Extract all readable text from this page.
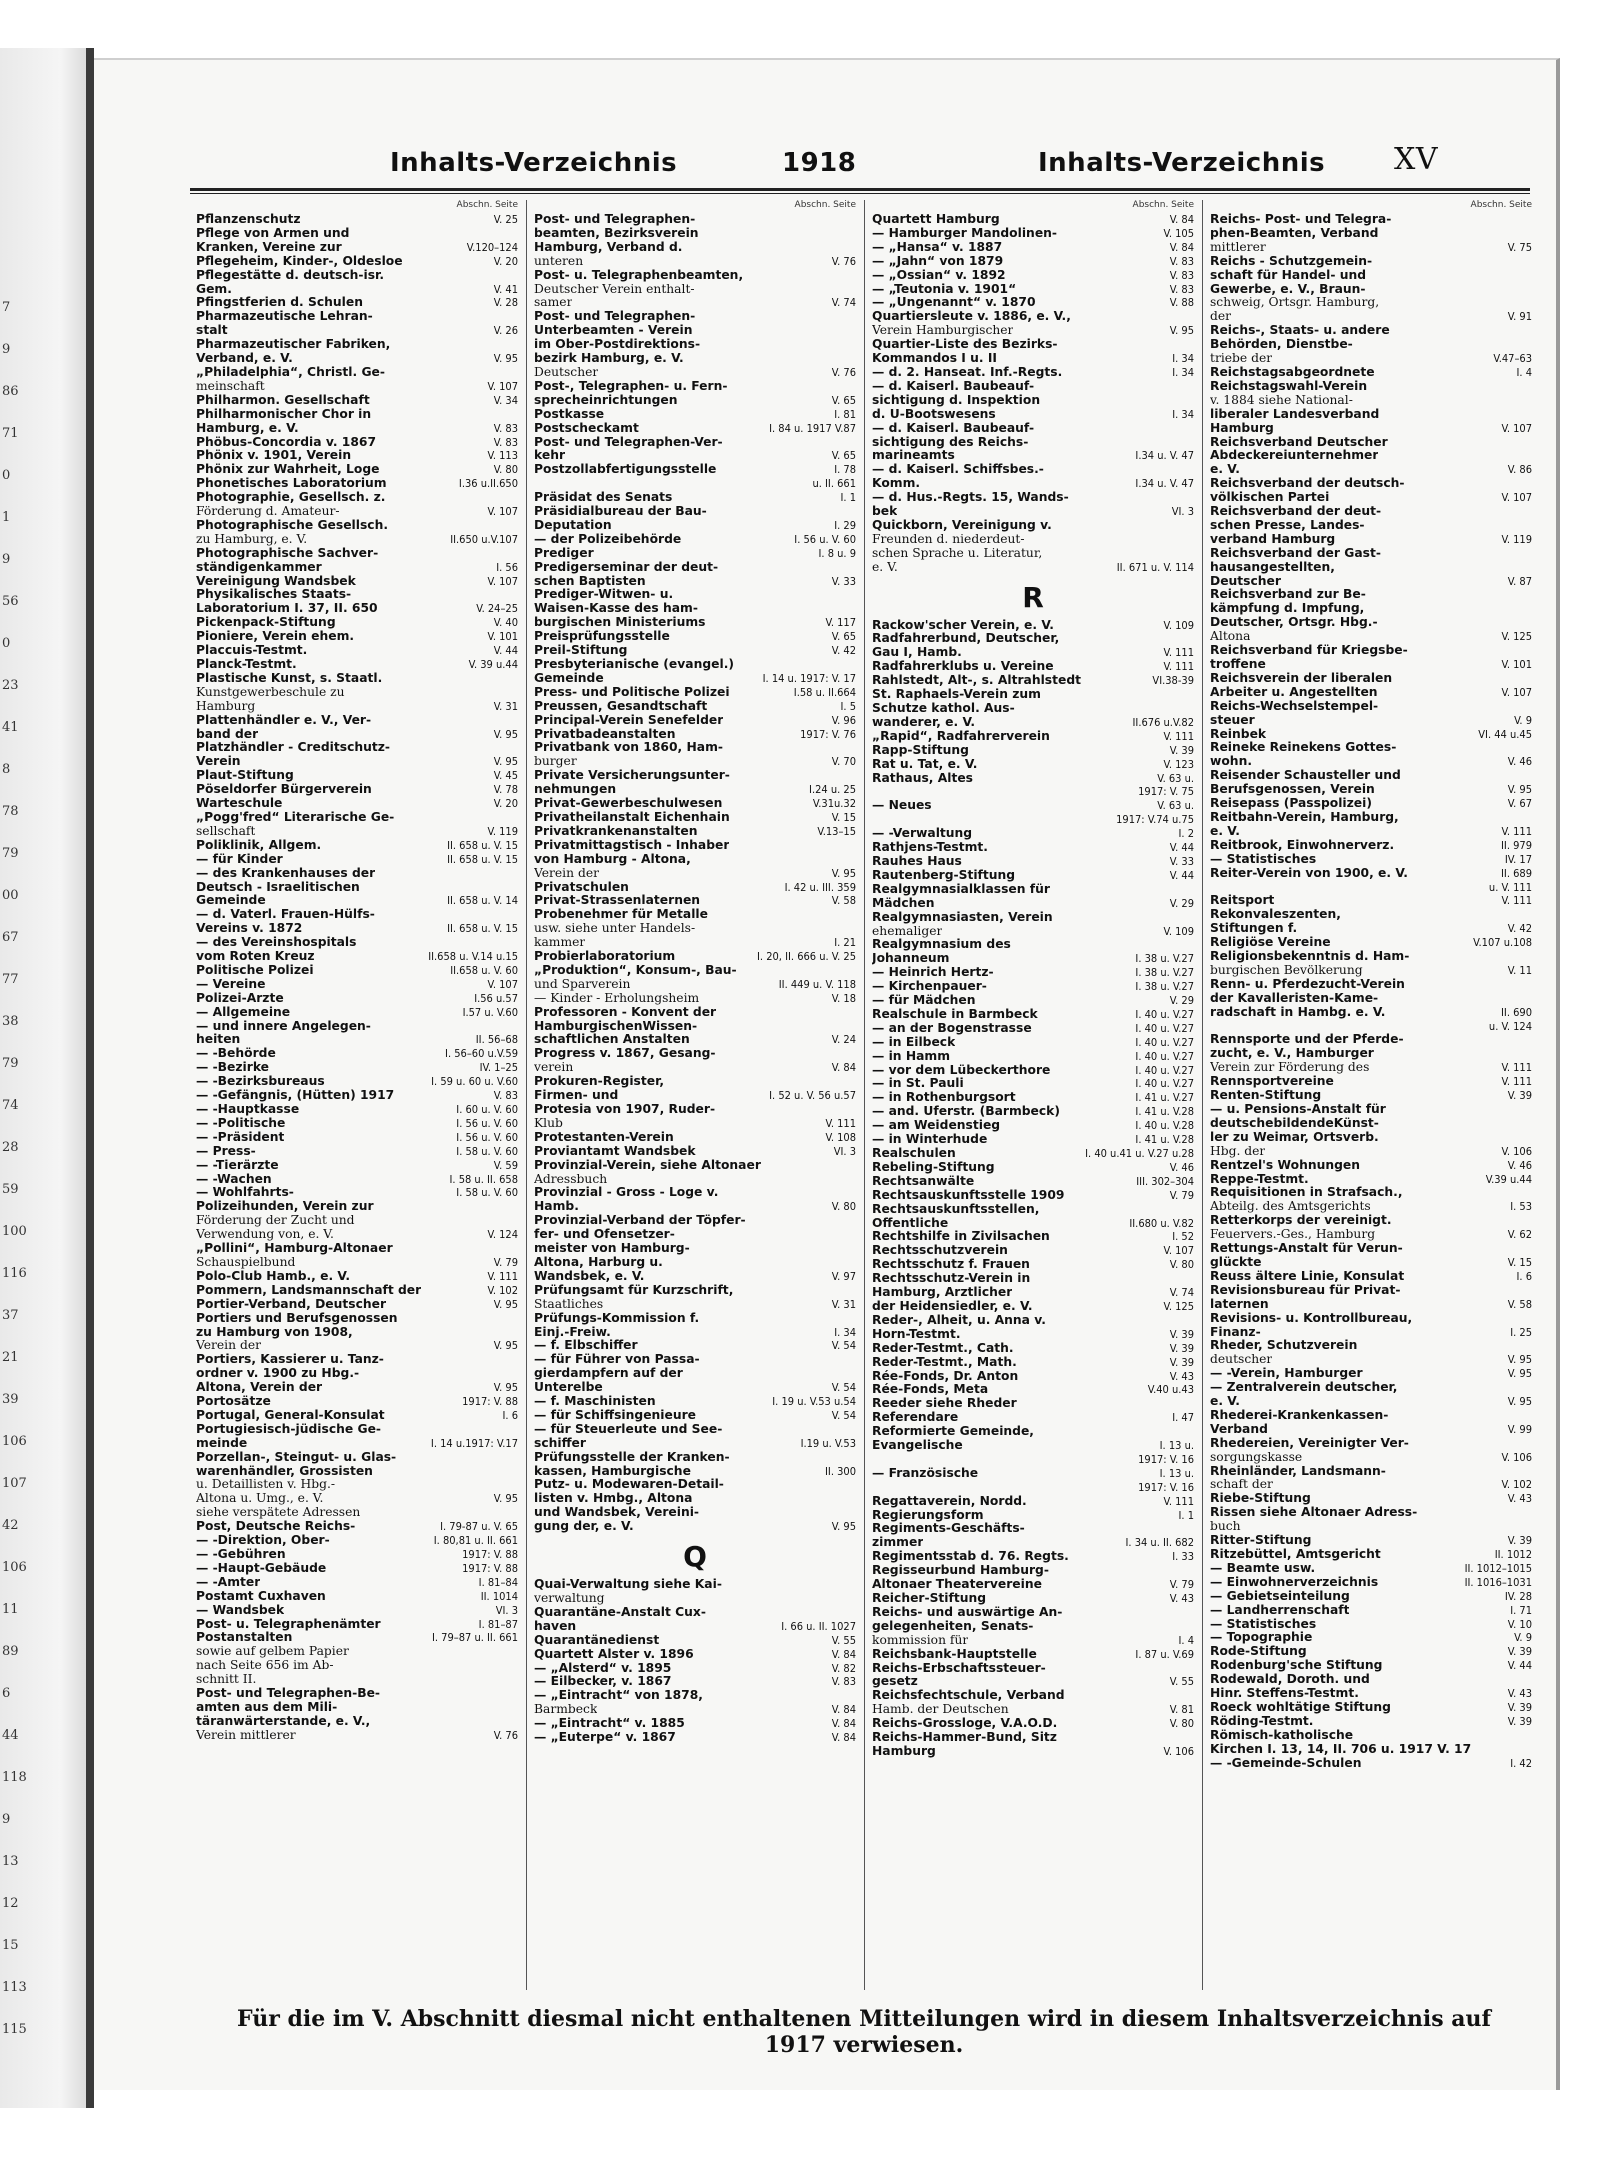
7
9
86
71
0
1
9
56
0
23
41
8
78
79
00
67
77
38
79
74
28
59
100
116
37
21
39
106
107
42
106
11
89
6
44
118
9
13
12
15
113
115
Inhalts-Verzeichnis	1918	Inhalts-Verzeichnis XV
Abschn. Seite
Pflanzenschutz	V. 25
Pflege von Armen und
Kranken, Vereine zur	V.120–124
Pflegeheim, Kinder-, Oldesloe	V. 20
Pflegestätte d. deutsch-isr.
Gem.	V. 41
Pfingstferien d. Schulen	V. 28
Pharmazeutische Lehran-
stalt	V. 26
Pharmazeutischer Fabriken,
Verband, e. V.	V. 95
„Philadelphia“, Christl. Ge-
meinschaft	V. 107
Philharmon. Gesellschaft	V. 34
Philharmonischer Chor in
Hamburg, e. V.	V. 83
Phöbus-Concordia v. 1867	V. 83
Phönix v. 1901, Verein	V. 113
Phönix zur Wahrheit, Loge	V. 80
Phonetisches Laboratorium	I.36 u.II.650
Photographie, Gesellsch. z.
Förderung d. Amateur-	V. 107
Photographische Gesellsch.
zu Hamburg, e. V.	II.650 u.V.107
Photographische Sachver-
ständigenkammer	I. 56
Vereinigung Wandsbek	V. 107
Physikalisches Staats-
Laboratorium I. 37, II. 650	V. 24–25
Pickenpack-Stiftung	V. 40
Pioniere, Verein ehem.	V. 101
Placcuis-Testmt.	V. 44
Planck-Testmt.	V. 39 u.44
Plastische Kunst, s. Staatl.
Kunstgewerbeschule zu
Hamburg	V. 31
Plattenhändler e. V., Ver-
band der	V. 95
Platzhändler - Creditschutz-
Verein	V. 95
Plaut-Stiftung	V. 45
Pöseldorfer Bürgerverein	V. 78
Warteschule	V. 20
„Pogg'fred“ Literarische Ge-
sellschaft	V. 119
Poliklinik, Allgem.	II. 658 u. V. 15
— für Kinder	II. 658 u. V. 15
— des Krankenhauses der
Deutsch - Israelitischen
Gemeinde	II. 658 u. V. 14
— d. Vaterl. Frauen-Hülfs-
Vereins v. 1872	II. 658 u. V. 15
— des Vereinshospitals
vom Roten Kreuz	II.658 u. V.14 u.15
Politische Polizei	II.658 u. V. 60
— Vereine	V. 107
Polizei-Ärzte	I.56 u.57
— Allgemeine	I.57 u. V.60
— und innere Angelegen-
heiten	II. 56–68
— -Behörde	I. 56–60 u.V.59
— -Bezirke	IV. 1–25
— -Bezirksbureaus	I. 59 u. 60 u. V.60
— -Gefängnis, (Hütten) 1917	V. 83
— -Hauptkasse	I. 60 u. V. 60
— -Politische	I. 56 u. V. 60
— -Präsident	I. 56 u. V. 60
— Press-	I. 58 u. V. 60
— -Tierärzte	V. 59
— -Wachen	I. 58 u. II. 658
— Wohlfahrts-	I. 58 u. V. 60
Polizeihunden, Verein zur
Förderung der Zucht und
Verwendung von, e. V.	V. 124
„Pollini“, Hamburg-Altonaer
Schauspielbund	V. 79
Polo-Club Hamb., e. V.	V. 111
Pommern, Landsmannschaft der	V. 102
Portier-Verband, Deutscher	V. 95
Portiers und Berufsgenossen
zu Hamburg von 1908,
Verein der	V. 95
Portiers, Kassierer u. Tanz-
ordner v. 1900 zu Hbg.-
Altona, Verein der	V. 95
Portosätze	1917: V. 88
Portugal, General-Konsulat	I. 6
Portugiesisch-jüdische Ge-
meinde	I. 14 u.1917: V.17
Porzellan-, Steingut- u. Glas-
warenhändler, Grossisten
u. Detaillisten v. Hbg.-
Altona u. Umg., e. V.	V. 95
siehe verspätete Adressen
Post, Deutsche Reichs-	I. 79-87 u. V. 65
— -Direktion, Ober-	I. 80,81 u. II. 661
— -Gebühren	1917: V. 88
— -Haupt-Gebäude	1917: V. 88
— -Ämter	I. 81–84
Postamt Cuxhaven	II. 1014
— Wandsbek	VI. 3
Post- u. Telegraphenämter	I. 81–87
Postanstalten	I. 79–87 u. II. 661
sowie auf gelbem Papier
nach Seite 656 im Ab-
schnitt II.
Post- und Telegraphen-Be-
amten aus dem Mili-
täranwärterstande, e. V.,
Verein mittlerer	V. 76
Abschn. Seite
Post- und Telegraphen-
beamten, Bezirksverein
Hamburg, Verband d.
unteren	V. 76
Post- u. Telegraphenbeamten,
Deutscher Verein enthalt-
samer	V. 74
Post- und Telegraphen-
Unterbeamten - Verein
im Ober-Postdirektions-
bezirk Hamburg, e. V.
Deutscher	V. 76
Post-, Telegraphen- u. Fern-
sprecheinrichtungen	V. 65
Postkasse	I. 81
Postscheckamt	I. 84 u. 1917 V.87
Post- und Telegraphen-Ver-
kehr	V. 65
Postzollabfertigungsstelle	I. 78
u. II. 661
Präsidat des Senats	I. 1
Präsidialbureau der Bau-
Deputation	I. 29
— der Polizeibehörde	I. 56 u. V. 60
Prediger	I. 8 u. 9
Predigerseminar der deut-
schen Baptisten	V. 33
Prediger-Witwen- u.
Waisen-Kasse des ham-
burgischen Ministeriums	V. 117
Preisprüfungsstelle	V. 65
Preil-Stiftung	V. 42
Presbyterianische (evangel.)
Gemeinde	I. 14 u. 1917: V. 17
Press- und Politische Polizei	I.58 u. II.664
Preussen, Gesandtschaft	I. 5
Principal-Verein Senefelder	V. 96
Privatbadeanstalten	1917: V. 76
Privatbank von 1860, Ham-
burger	V. 70
Private Versicherungsunter-
nehmungen	I.24 u. 25
Privat-Gewerbeschulwesen	V.31u.32
Privatheilanstalt Eichenhain	V. 15
Privatkrankenanstalten	V.13–15
Privatmittagstisch - Inhaber
von Hamburg - Altona,
Verein der	V. 95
Privatschulen	I. 42 u. III. 359
Privat-Strassenlaternen	V. 58
Probenehmer für Metalle
usw. siehe unter Handels-
kammer	I. 21
Probierlaboratorium	I. 20, II. 666 u. V. 25
„Produktion“, Konsum-, Bau-
und Sparverein	II. 449 u. V. 118
— Kinder - Erholungsheim	V. 18
Professoren - Konvent der
HamburgischenWissen-
schaftlichen Anstalten	V. 24
Progress v. 1867, Gesang-
verein	V. 84
Prokuren-Register,
Firmen- und	I. 52 u. V. 56 u.57
Protesia von 1907, Ruder-
Klub	V. 111
Protestanten-Verein	V. 108
Proviantamt Wandsbek	VI. 3
Provinzial-Verein, siehe Altonaer
Adressbuch
Provinzial - Gross - Loge v.
Hamb.	V. 80
Provinzial-Verband der Töpfer-
fer- und Ofensetzer-
meister von Hamburg-
Altona, Harburg u.
Wandsbek, e. V.	V. 97
Prüfungsamt für Kurzschrift,
Staatliches	V. 31
Prüfungs-Kommission f.
Einj.-Freiw.	I. 34
— f. Elbschiffer	V. 54
— für Führer von Passa-
gierdampfern auf der
Unterelbe	V. 54
— f. Maschinisten	I. 19 u. V.53 u.54
— für Schiffsingenieure	V. 54
— für Steuerleute und See-
schiffer	I.19 u. V.53
Prüfungsstelle der Kranken-
kassen, Hamburgische	II. 300
Putz- u. Modewaren-Detail-
listen v. Hmbg., Altona
und Wandsbek, Vereini-
gung der, e. V.	V. 95
Q
Quai-Verwaltung siehe Kai-
verwaltung
Quarantäne-Anstalt Cux-
haven	I. 66 u. II. 1027
Quarantänedienst	V. 55
Quartett Alster v. 1896	V. 84
— „Alsterd“ v. 1895	V. 82
— Eilbecker, v. 1867	V. 83
— „Eintracht“ von 1878,
Barmbeck	V. 84
— „Eintracht“ v. 1885	V. 84
— „Euterpe“ v. 1867	V. 84
Abschn. Seite
Quartett Hamburg	V. 84
— Hamburger Mandolinen-	V. 105
— „Hansa“ v. 1887	V. 84
— „Jahn“ von 1879	V. 83
— „Ossian“ v. 1892	V. 83
— „Teutonia v. 1901“	V. 83
— „Ungenannt“ v. 1870	V. 88
Quartiersleute v. 1886, e. V.,
Verein Hamburgischer	V. 95
Quartier-Liste des Bezirks-
Kommandos I u. II	I. 34
— d. 2. Hanseat. Inf.-Regts.	I. 34
— d. Kaiserl. Baubeauf-
sichtigung d. Inspektion
d. U-Bootswesens	I. 34
— d. Kaiserl. Baubeauf-
sichtigung des Reichs-
marineamts	I.34 u. V. 47
— d. Kaiserl. Schiffsbes.-
Komm.	I.34 u. V. 47
— d. Hus.-Regts. 15, Wands-
bek	VI. 3
Quickborn, Vereinigung v.
Freunden d. niederdeut-
schen Sprache u. Literatur,
e. V.	II. 671 u. V. 114
R
Rackow'scher Verein, e. V.	V. 109
Radfahrerbund, Deutscher,
Gau I, Hamb.	V. 111
Radfahrerklubs u. Vereine	V. 111
Rahlstedt, Alt-, s. Altrahlstedt	VI.38-39
St. Raphaels-Verein zum
Schutze kathol. Aus-
wanderer, e. V.	II.676 u.V.82
„Rapid“, Radfahrerverein	V. 111
Rapp-Stiftung	V. 39
Rat u. Tat, e. V.	V. 123
Rathaus, Altes	V. 63 u.
1917: V. 75
— Neues	V. 63 u.
1917: V.74 u.75
— -Verwaltung	I. 2
Rathjens-Testmt.	V. 44
Rauhes Haus	V. 33
Rautenberg-Stiftung	V. 44
Realgymnasialklassen für
Mädchen	V. 29
Realgymnasiasten, Verein
ehemaliger	V. 109
Realgymnasium des
Johanneum	I. 38 u. V.27
— Heinrich Hertz-	I. 38 u. V.27
— Kirchenpauer-	I. 38 u. V.27
— für Mädchen	V. 29
Realschule in Barmbeck	I. 40 u. V.27
— an der Bogenstrasse	I. 40 u. V.27
— in Eilbeck	I. 40 u. V.27
— in Hamm	I. 40 u. V.27
— vor dem Lübeckerthore	I. 40 u. V.27
— in St. Pauli	I. 40 u. V.27
— in Rothenburgsort	I. 41 u. V.27
— and. Uferstr. (Barmbeck)	I. 41 u. V.28
— am Weidenstieg	I. 40 u. V.28
— in Winterhude	I. 41 u. V.28
Realschulen	I. 40 u.41 u. V.27 u.28
Rebeling-Stiftung	V. 46
Rechtsanwälte	III. 302–304
Rechtsauskunftsstelle 1909	V. 79
Rechtsauskunftsstellen,
Öffentliche	II.680 u. V.82
Rechtshilfe in Zivilsachen	I. 52
Rechtsschutzverein	V. 107
Rechtsschutz f. Frauen	V. 80
Rechtsschutz-Verein in
Hamburg, Ärztlicher	V. 74
der Heidensiedler, e. V.	V. 125
Reder-, Alheit, u. Anna v.
Horn-Testmt.	V. 39
Reder-Testmt., Cath.	V. 39
Reder-Testmt., Math.	V. 39
Rée-Fonds, Dr. Anton	V. 43
Rée-Fonds, Meta	V.40 u.43
Reeder siehe Rheder
Referendare	I. 47
Reformierte Gemeinde,
Evangelische	I. 13 u.
1917: V. 16
— Französische	I. 13 u.
1917: V. 16
Regattaverein, Nordd.	V. 111
Regierungsform	I. 1
Regiments-Geschäfts-
zimmer	I. 34 u. II. 682
Regimentsstab d. 76. Regts.	I. 33
Regisseurbund Hamburg-
Altonaer Theatervereine	V. 79
Reicher-Stiftung	V. 43
Reichs- und auswärtige An-
gelegenheiten, Senats-
kommission für	I. 4
Reichsbank-Hauptstelle	I. 87 u. V.69
Reichs-Erbschaftssteuer-
gesetz	V. 55
Reichsfechtschule, Verband
Hamb. der Deutschen	V. 81
Reichs-Grossloge, V.A.O.D.	V. 80
Reichs-Hammer-Bund, Sitz
Hamburg	V. 106
Abschn. Seite
Reichs- Post- und Telegra-
phen-Beamten, Verband
mittlerer	V. 75
Reichs - Schutzgemein-
schaft für Handel- und
Gewerbe, e. V., Braun-
schweig, Ortsgr. Hamburg,
der	V. 91
Reichs-, Staats- u. andere
Behörden, Dienstbe-
triebe der	V.47–63
Reichstagsabgeordnete	I. 4
Reichstagswahl-Verein
v. 1884 siehe National-
liberaler Landesverband
Hamburg	V. 107
Reichsverband Deutscher
Abdeckereiunternehmer
e. V.	V. 86
Reichsverband der deutsch-
völkischen Partei	V. 107
Reichsverband der deut-
schen Presse, Landes-
verband Hamburg	V. 119
Reichsverband der Gast-
hausangestellten,
Deutscher	V. 87
Reichsverband zur Be-
kämpfung d. Impfung,
Deutscher, Ortsgr. Hbg.-
Altona	V. 125
Reichsverband für Kriegsbe-
troffene	V. 101
Reichsverein der liberalen
Arbeiter u. Angestellten	V. 107
Reichs-Wechselstempel-
steuer	V. 9
Reinbek	VI. 44 u.45
Reineke Reinekens Gottes-
wohn.	V. 46
Reisender Schausteller und
Berufsgenossen, Verein	V. 95
Reisepass (Passpolizei)	V. 67
Reitbahn-Verein, Hamburg,
e. V.	V. 111
Reitbrook, Einwohnerverz.	II. 979
— Statistisches	IV. 17
Reiter-Verein von 1900, e. V.	II. 689
u. V. 111
Reitsport	V. 111
Rekonvaleszenten,
Stiftungen f.	V. 42
Religiöse Vereine	V.107 u.108
Religionsbekenntnis d. Ham-
burgischen Bevölkerung	V. 11
Renn- u. Pferdezucht-Verein
der Kavalleristen-Kame-
radschaft in Hambg. e. V.	II. 690
u. V. 124
Rennsporte und der Pferde-
zucht, e. V., Hamburger
Verein zur Förderung des	V. 111
Rennsportvereine	V. 111
Renten-Stiftung	V. 39
— u. Pensions-Anstalt für
deutschebildendeKünst-
ler zu Weimar, Ortsverb.
Hbg. der	V. 106
Rentzel's Wohnungen	V. 46
Reppe-Testmt.	V.39 u.44
Requisitionen in Strafsach.,
Abteilg. des Amtsgerichts	I. 53
Retterkorps der vereinigt.
Feuervers.-Ges., Hamburg	V. 62
Rettungs-Anstalt für Verun-
glückte	V. 15
Reuss ältere Linie, Konsulat	I. 6
Revisionsbureau für Privat-
laternen	V. 58
Revisions- u. Kontrollbureau,
Finanz-	I. 25
Rheder, Schutzverein
deutscher	V. 95
— -Verein, Hamburger	V. 95
— Zentralverein deutscher,
e. V.	V. 95
Rhederei-Krankenkassen-
Verband	V. 99
Rhedereien, Vereinigter Ver-
sorgungskasse	V. 106
Rheinländer, Landsmann-
schaft der	V. 102
Riebe-Stiftung	V. 43
Rissen siehe Altonaer Adress-
buch
Ritter-Stiftung	V. 39
Ritzebüttel, Amtsgericht	II. 1012
— Beamte usw.	II. 1012–1015
— Einwohnerverzeichnis	II. 1016–1031
— Gebietseinteilung	IV. 28
— Landherrenschaft	I. 71
— Statistisches	V. 10
— Topographie	V. 9
Rode-Stiftung	V. 39
Rodenburg'sche Stiftung	V. 44
Rodewald, Doroth. und
Hinr. Steffens-Testmt.	V. 43
Roeck wohltätige Stiftung	V. 39
Röding-Testmt.	V. 39
Römisch-katholische
Kirchen I. 13, 14, II. 706 u. 1917 V. 17
— -Gemeinde-Schulen	I. 42
Für die im V. Abschnitt diesmal nicht enthaltenen Mitteilungen wird in diesem Inhaltsverzeichnis auf 1917 verwiesen.
